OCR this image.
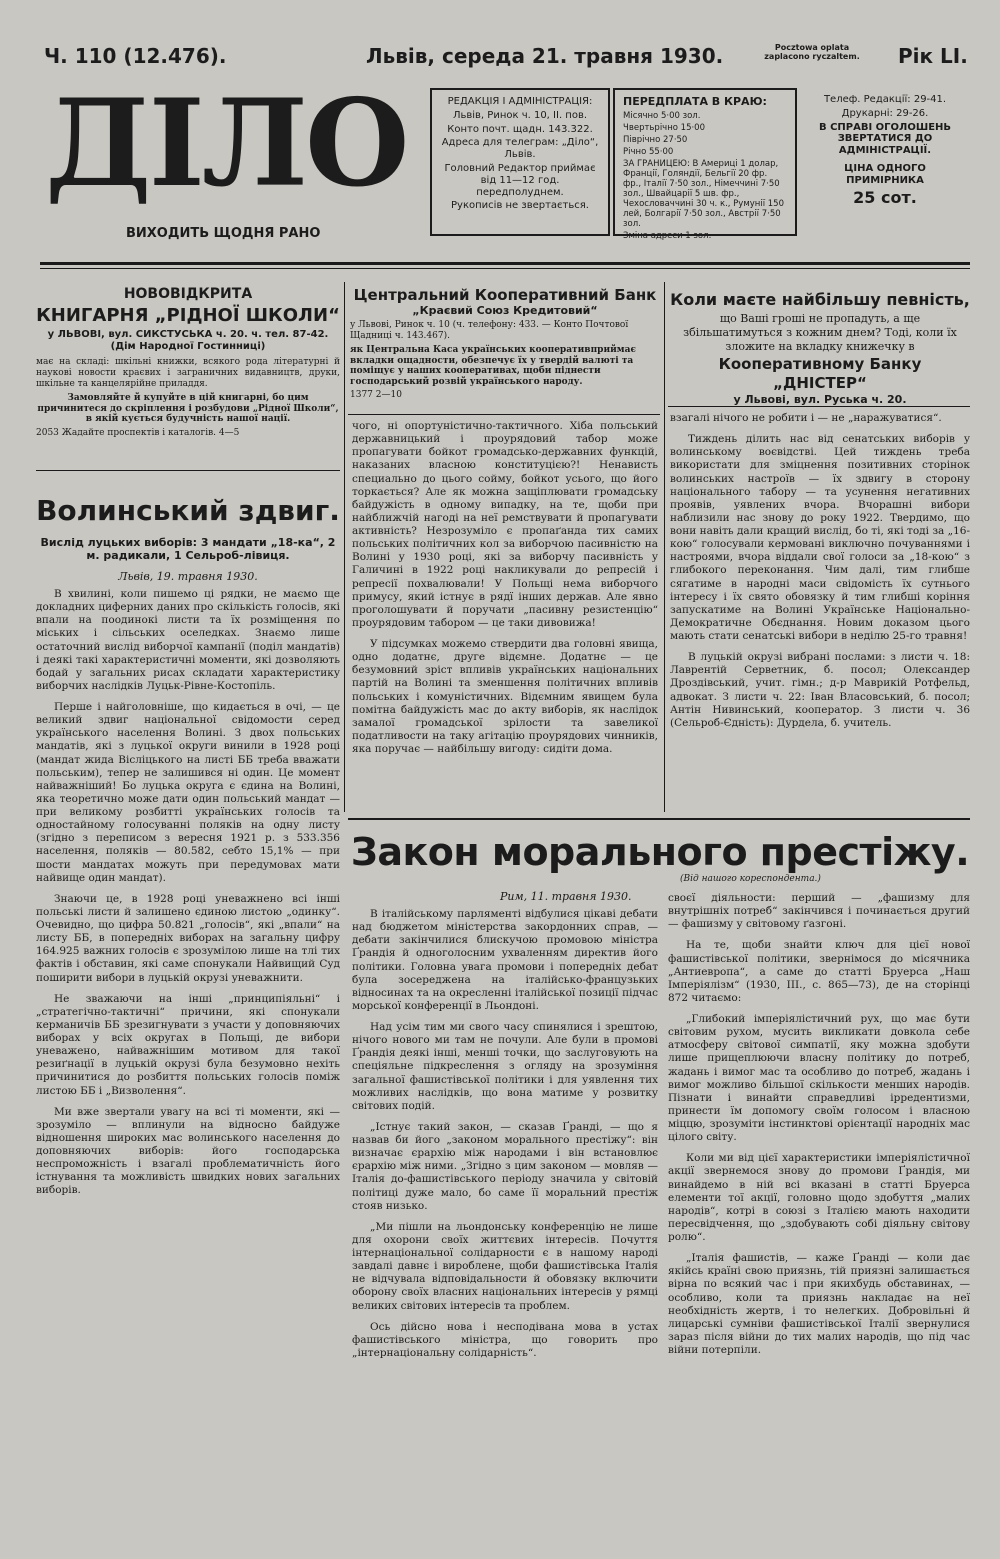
Ч. 110 (12.476).	Львів, середа 21. травня 1930.	Pocztowa oplata zaplacono ryczaltem.	Рік LI.
ДІЛО
ВИХОДИТЬ ЩОДНЯ РАНО
РЕДАКЦІЯ І АДМІНІСТРАЦІЯ:
Львів, Ринок ч. 10, II. пов.
Конто почт. щадн. 143.322.
Адреса для телеграм: „Діло“, Львів.
Головний Редактор приймає від 11—12 год. передполуднем.
Рукописів не звертається.
ПЕРЕДПЛАТА В КРАЮ:
Місячно 5·00 зол.
Чвертьрічно 15·00
Піврічно 27·50
Річно 55·00
ЗА ГРАНИЦЕЮ: В Америці 1 долар, Франції, Голяндії, Бельгії 20 фр. фр., Італії 7·50 зол., Німеччині 7·50 зол., Швайцарії 5 шв. фр., Чехословаччині 30 ч. к., Румунії 150 лей, Болгарії 7·50 зол., Австрії 7·50 зол.
Зміна адреси 1 зол.
Телеф. Редакції: 29-41.
Друкарні: 29-26.
В СПРАВІ ОГОЛОШЕНЬ ЗВЕРТАТИСЯ ДО АДМІНІСТРАЦІЇ.
ЦІНА ОДНОГО ПРИМІРНИКА
25 сот.
НОВОВІДКРИТА
КНИГАРНЯ „РІДНОЇ ШКОЛИ“
у ЛЬВОВІ, вул. СИКСТУСЬКА ч. 20. ч. тел. 87-42.
(Дім Народної Гостинниці)
має на складі: шкільні книжки, всякого рода літературні й наукові новости краєвих і заграничних видавництв, друки, шкільне та канцелярійне приладдя.
Замовляйте й купуйте в цій книгарні, бо цим причинитеся до скріплення і розбудови „Рідної Школи“, в якій кується будучність нашої нації.
2053 Жадайте проспектів і каталогів. 4—5
Центральний Кооперативний Банк
„Краєвий Союз Кредитовий“
у Львові, Ринок ч. 10 (ч. телефону: 433. — Конто Почтової Щадниці ч. 143.467).
як Центральна Каса українських кооперативприймає вкладки ощадности, обезпечує їх у твердій валюті та поміщує у наших кооперативах, щоби піднести господарський розвій українського народу.
1377 2—10
Коли маєте найбільшу певність,
що Ваші гроші не пропадуть, а ще збільшатимуться з кожним днем? Тоді, коли їх зложите на вкладку книжечку в
Кооперативному Банку „ДНІСТЕР“
у Львові, вул. Руська ч. 20.
Волинський здвиг.
Вислід луцьких виборів: 3 мандати „18-ка“, 2 м. радикали, 1 Сельроб-лівиця.
Львів, 19. травня 1930.

В хвилині, коли пишемо ці рядки, не маємо ще докладних циферних даних про скількість голосів, які впали на поодинокі листи та їх розміщення по міських і сільських оселедках. Знаємо лише остаточний вислід виборчої кампанії (поділ мандатів) і деякі такі характеристичні моменти, які дозволяють бодай у загальних рисах складати характеристику виборчих наслідків Луцьк-Рівне-Костопіль.

Перше і найголовніше, що кидається в очі, — це великий здвиг національної свідомости серед українського населення Волині. З двох польських мандатів, які з луцької округи винили в 1928 році (мандат жида Вісліцького на листі ББ треба вважати польським), тепер не залишився ні один. Це момент найважніший! Бо луцька округа є єдина на Волині, яка теоретично може дати один польський мандат — при великому розбитті українських голосів та одностайному голосуванні поляків на одну листу (згідно з переписом з вересня 1921 р. з 533.356 населення, поляків — 80.582, себто 15,1% — при шости мандатах можуть при передумовах мати найвище один мандат).

Знаючи це, в 1928 році уневажнено всі інші польські листи й залишено єдиною листою „одинку“. Очевидно, що цифра 50.821 „голосів“, які „впали“ на листу ББ, в попередніх виборах на загальну цифру 164.925 важних голосів є зрозумілою лише на тлі тих фактів і обставин, які саме спонукали Найвищий Суд поширити вибори в луцькій окрузі уневажнити.

Не зважаючи на інші „принципіяльні“ і „стратегічно-тактичні“ причини, які спонукали керманичів ББ зрезигнувати з участи у доповняючих виборах у всіх округах в Польщі, де вибори уневажено, найважнішим мотивом для такої резиґнації в луцькій окрузі була безумовно нехіть причинитися до розбиття польських голосів поміж листою ББ і „Визволення“.

Ми вже звертали увагу на всі ті моменти, які — зрозуміло — вплинули на відносно байдуже відношення широких мас волинського населення до доповняючих виборів: його господарська неспроможність і взагалі проблематичність його істнування та можливість швидких нових загальних виборів.

чого, ні опортуністично-тактичного. Хіба польський державницький і проурядовий табор може пропагувати бойкот громадсько-державних функцій, наказаних власною конституцією?! Ненависть специально до цього сойму, бойкот усього, що його торкається? Але як можна защіплювати громадську байдужість в одному випадку, на те, щоби при найближчій нагоді на неї ремствувати й пропагувати активність? Незрозуміло є пропаґанда тих самих польських політичних кол за виборчою пасивністю на Волині у 1930 році, які за виборчу пасивність у Галичині в 1922 році накликували до репресій і репресії похвалювали! У Польщі нема виборчого примусу, який істнує в рядї інших держав. Але явно проголошувати й поручати „пасивну резистенцію“ проурядовим табором — це таки дивовижа!

У підсумках можемо ствердити два головні явища, одно додатнє, друге відємне. Додатнє — це безумовний зріст впливів українських національних партій на Волині та зменшення політичних впливів польських і комуністичних. Відємним явищем була помітна байдужість мас до акту виборів, як наслідок замалої громадської зрілости та завеликої податливости на таку агітацію проурядових чинників, яка поручає — найбільшу вигоду: сидіти дома.

взагалі нічого не робити і — не „наражуватися“.

Тиждень ділить нас від сенатських виборів у волинському воєвідстві. Цей тиждень треба використати для зміцнення позитивних сторінок волинських настроїв — їх здвигу в сторону національного табору — та усунення негативних проявів, уявлених вчора. Вчорашні вибори наблизили нас знову до року 1922. Твердимо, що вони навіть дали кращий вислід, бо ті, які тоді за „16-кою“ голосували кермовані виключно почуваннями і настроями, вчора віддали свої голоси за „18-кою“ з глибокого переконання. Чим далі, тим глибше сягатиме в народні маси свідомість їх сутнього інтересу і їх свято обовязку й тим глибші коріння запускатиме на Волині Українське Національно-Демократичне Обєднання. Новим доказом цього мають стати сенатські вибори в неділю 25-го травня!

В луцькій окрузі вибрані послами: з листи ч. 18: Лаврентій Серветник, б. посол; Олександер Дроздівський, учит. гімн.; д-р Маврикій Ротфельд, адвокат. З листи ч. 22: Іван Власовський, б. посол; Антін Нивинський, кооператор. З листи ч. 36 (Сельроб-Єдність): Дурдела, б. учитель.

Закон морального престіжу.
(Від нашого кореспондента.)
Рим, 11. травня 1930.

В італійському парляменті відбулися цікаві дебати над бюджетом міністерства закордонних справ, — дебати закінчилися блискучою промовою міністра Ґрандія й одноголосним ухваленням директив його політики. Головна увага промови і попередніх дебат була зосереджена на італійсько-французьких відносинах та на окресленні італійської позиції підчас морської конференції в Льондоні.

Над усім тим ми свого часу спинялися і зрештою, нічого нового ми там не почули. Але були в промові Ґрандія деякі інші, менші точки, що заслуговують на спеціяльне підкреслення з огляду на зрозуміння загальної фашистівської політики і для уявлення тих можливих наслідків, що вона матиме у розвитку світових подій.

„Істнує такий закон, — сказав Ґранді, — що я назвав би його „законом морального престіжу“: він визначає єрархію між народами і він встановлює єрархію між ними. „Згідно з цим законом — мовляв — Італія до-фашистівського періоду значила у світовій політиці дуже мало, бо саме її моральний престіж стояв низько.

„Ми пішли на льондонську конференцію не лише для охорони своїх життєвих інтересів. Почуття інтернаціональної солідарности є в нашому народі завдалі давнє і вироблене, щоби фашистівська Італія не відчувала відповідальности й обовязку включити оборону своїх власних національних інтересів у рямці великих світових інтересів та проблем.

Ось дійсно нова і несподівана мова в устах фашистівського міністра, що говорить про „інтернаціональну солідарність“.

своєї діяльности: перший — „фашизму для внутрішніх потреб“ закінчився і починається другий — фашизму у світовому ґазгоні.

На те, щоби знайти ключ для цієї нової фашистівської політики, звернімося до місячника „Антиевропа“, а саме до статті Бруерса „Наш Імперіялізм“ (1930, III., с. 865—73), де на сторінці 872 читаємо:

„Глибокий імперіялістичний рух, що має бути світовим рухом, мусить викликати довкола себе атмосферу світової симпатії, яку можна здобути лише прищеплюючи власну політику до потреб, жадань і вимог мас та особливо до потреб, жадань і вимог можливо більшої скількости менших народів. Пізнати і винайти справедливі ірредентизми, принести їм допомогу своїм голосом і власною міццю, зрозуміти інстинктові орієнтації народніх мас цілого світу.

Коли ми від цієї характеристики імперіялістичної акції звернемося знову до промови Ґрандія, ми винайдемо в ній всі вказані в статті Бруерса елементи тої акції, головно щодо здобуття „малих народів“, котрі в союзі з Італією мають находити пересвідчення, що „здобувають собі діяльну світову ролю“.

„Італія фашистів, — каже Ґранді — коли дає якійсь країні свою приязнь, тій приязні залишається вірна по всякий час і при якихбудь обставинах, — особливо, коли та приязнь накладає на неї необхідність жертв, і то нелегких. Добровільні й лицарські сумніви фашистівської Італії звернулися зараз після війни до тих малих народів, що під час війни потерпіли.
